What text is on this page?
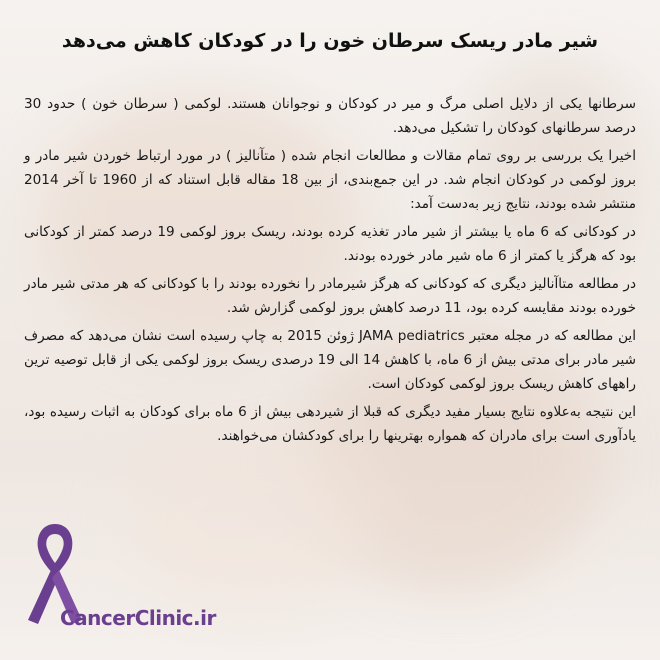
شیر مادر ریسک سرطان خون را در کودکان کاهش می‌دهد

سرطانها یکی از دلایل اصلی مرگ و میر در کودکان و نوجوانان هستند. لوکمی ( سرطان خون ) حدود 30 درصد سرطانهای کودکان را تشکیل می‌دهد.

اخیرا یک بررسی بر روی تمام مقالات و مطالعات انجام شده ( متآنالیز ) در مورد ارتباط خوردن شیر مادر و بروز لوکمی در کودکان انجام شد. در این جمع‌بندی، از بین 18 مقاله قابل استناد که از 1960 تا آخر 2014 منتشر شده بودند، نتایج زیر به‌دست آمد:

در کودکانی که 6 ماه یا بیشتر از شیر مادر تغذیه کرده بودند، ریسک بروز لوکمی 19 درصد کمتر از کودکانی بود که هرگز یا کمتر از 6 ماه شیر مادر خورده بودند.

در مطالعه متاآنالیز دیگری که کودکانی که هرگز شیرمادر را نخورده بودند را با کودکانی که هر مدتی شیر مادر خورده بودند مقایسه کرده بود، 11 درصد کاهش بروز لوکمی گزارش شد.

این مطالعه که در مجله معتبر JAMA pediatrics ژوئن 2015 به چاپ رسیده است نشان می‌دهد که مصرف شیر مادر برای مدتی بیش از 6 ماه، با کاهش 14 الی 19 درصدی ریسک بروز لوکمی یکی از قابل توصیه ترین راههای کاهش ریسک بروز لوکمی کودکان است.

این نتیجه به‌علاوه نتایج بسیار مفید دیگری که قبلا از شیردهی بیش از 6 ماه برای کودکان به اثبات رسیده بود، یادآوری است برای مادران که همواره بهترینها را برای کودکشان می‌خواهند.

CancerClinic.ir
